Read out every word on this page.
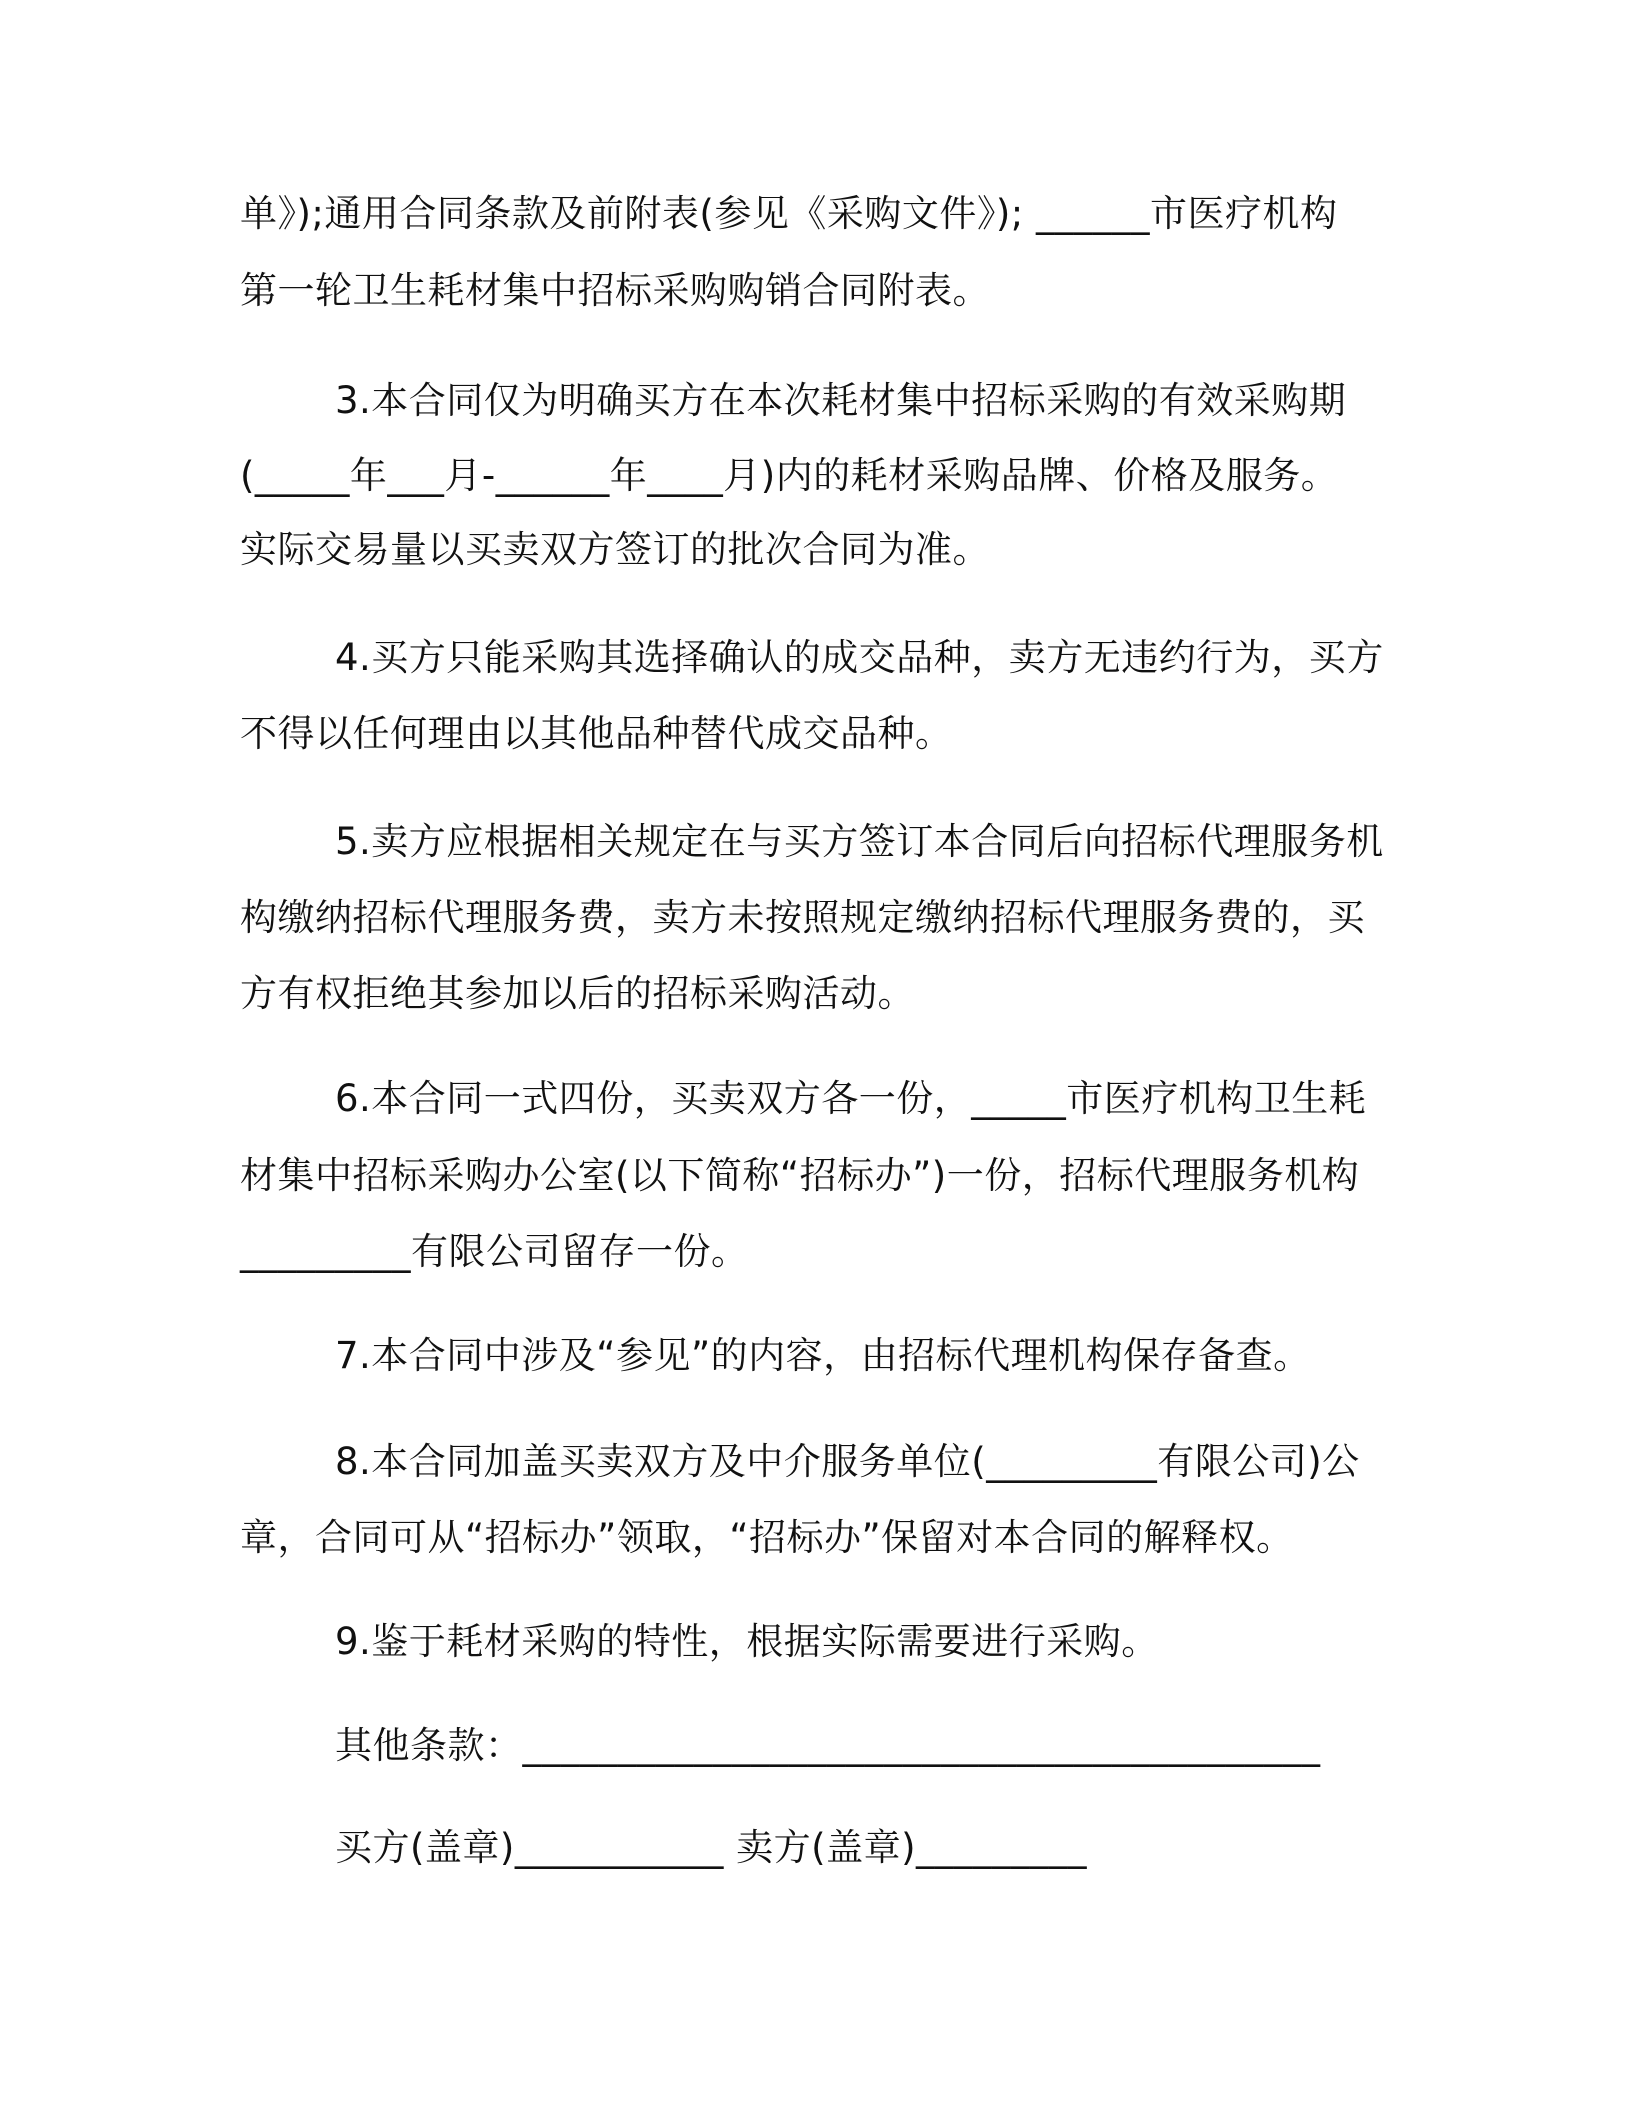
单》);通用合同条款及前附表(参见《采购文件》); ______市医疗机构

第一轮卫生耗材集中招标采购购销合同附表。

3.本合同仅为明确买方在本次耗材集中招标采购的有效采购期

(_____年___月-______年____月)内的耗材采购品牌、价格及服务。

实际交易量以买卖双方签订的批次合同为准。

4.买方只能采购其选择确认的成交品种，卖方无违约行为，买方

不得以任何理由以其他品种替代成交品种。

5.卖方应根据相关规定在与买方签订本合同后向招标代理服务机

构缴纳招标代理服务费，卖方未按照规定缴纳招标代理服务费的，买

方有权拒绝其参加以后的招标采购活动。

6.本合同一式四份，买卖双方各一份，_____市医疗机构卫生耗

材集中招标采购办公室(以下简称“招标办”)一份，招标代理服务机构

_________有限公司留存一份。

7.本合同中涉及“参见”的内容，由招标代理机构保存备查。

8.本合同加盖买卖双方及中介服务单位(_________有限公司)公

章，合同可从“招标办”领取，“招标办”保留对本合同的解释权。

9.鉴于耗材采购的特性，根据实际需要进行采购。

其他条款：__________________________________________

买方(盖章)___________ 卖方(盖章)_________
